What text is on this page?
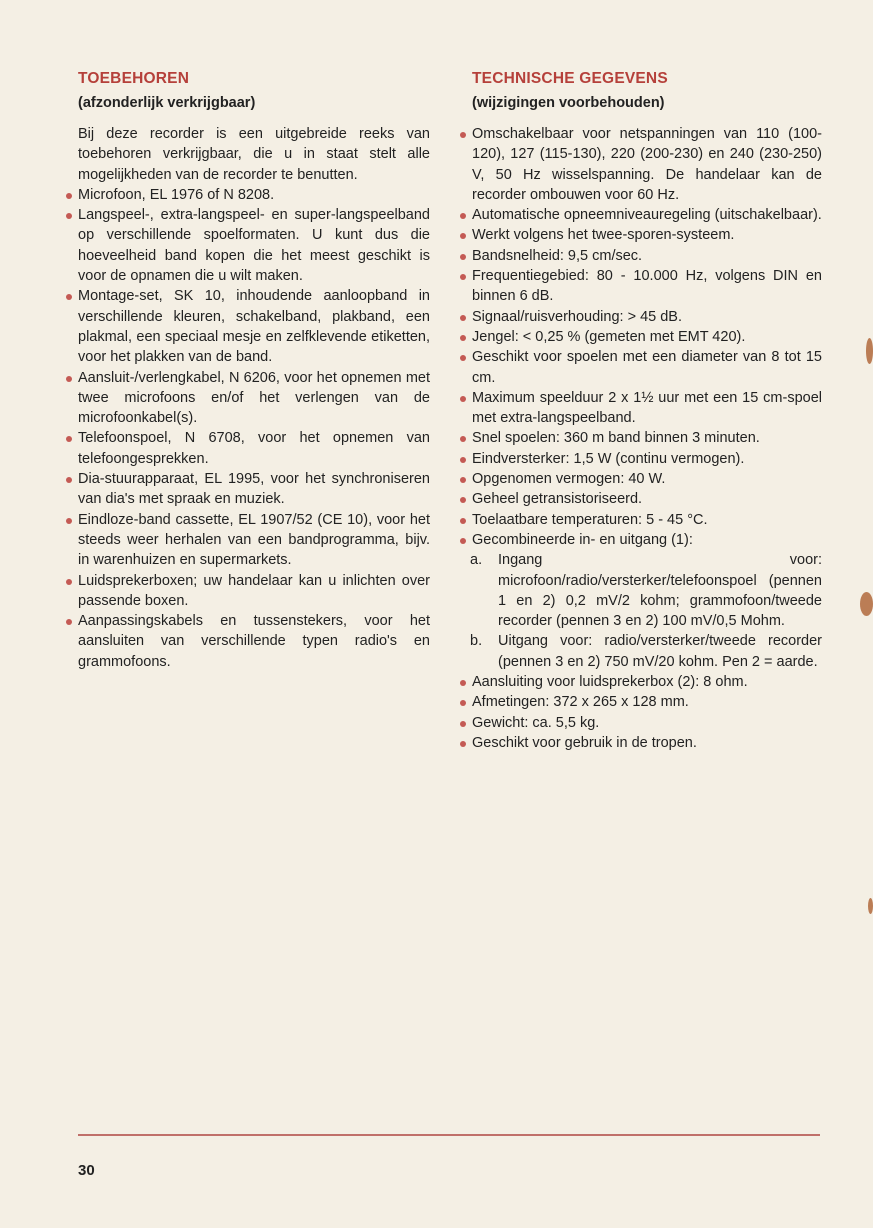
TOEBEHOREN
(afzonderlijk verkrijgbaar)

Bij deze recorder is een uitgebreide reeks van toebehoren verkrijgbaar, die u in staat stelt alle mogelijkheden van de recorder te benutten.

Microfoon, EL 1976 of N 8208.
Langspeel-, extra-langspeel- en super-langspeelband op verschillende spoelformaten. U kunt dus die hoeveelheid band kopen die het meest geschikt is voor de opnamen die u wilt maken.
Montage-set, SK 10, inhoudende aanloopband in verschillende kleuren, schakelband, plakband, een plakmal, een speciaal mesje en zelfklevende etiketten, voor het plakken van de band.
Aansluit-/verlengkabel, N 6206, voor het opnemen met twee microfoons en/of het verlengen van de microfoonkabel(s).
Telefoonspoel, N 6708, voor het opnemen van telefoongesprekken.
Dia-stuurapparaat, EL 1995, voor het synchroniseren van dia's met spraak en muziek.
Eindloze-band cassette, EL 1907/52 (CE 10), voor het steeds weer herhalen van een bandprogramma, bijv. in warenhuizen en supermarkets.
Luidsprekerboxen; uw handelaar kan u inlichten over passende boxen.
Aanpassingskabels en tussenstekers, voor het aansluiten van verschillende typen radio's en grammofoons.
TECHNISCHE GEGEVENS
(wijzigingen voorbehouden)
Omschakelbaar voor netspanningen van 110 (100-120), 127 (115-130), 220 (200-230) en 240 (230-250) V, 50 Hz wisselspanning. De handelaar kan de recorder ombouwen voor 60 Hz.
Automatische opneemniveauregeling (uitschakelbaar).
Werkt volgens het twee-sporen-systeem.
Bandsnelheid: 9,5 cm/sec.
Frequentiegebied: 80 - 10.000 Hz, volgens DIN en binnen 6 dB.
Signaal/ruisverhouding: > 45 dB.
Jengel: < 0,25 % (gemeten met EMT 420).
Geschikt voor spoelen met een diameter van 8 tot 15 cm.
Maximum speelduur 2 x 1½ uur met een 15 cm-spoel met extra-langspeelband.
Snel spoelen: 360 m band binnen 3 minuten.
Eindversterker: 1,5 W (continu vermogen).
Opgenomen vermogen: 40 W.
Geheel getransistoriseerd.
Toelaatbare temperaturen: 5 - 45 °C.
Gecombineerde in- en uitgang (1):
a. Ingang voor: microfoon/radio/versterker/telefoonspoel (pennen 1 en 2) 0,2 mV/2 kohm; grammofoon/tweede recorder (pennen 3 en 2) 100 mV/0,5 Mohm.
b. Uitgang voor: radio/versterker/tweede recorder (pennen 3 en 2) 750 mV/20 kohm. Pen 2 = aarde.
Aansluiting voor luidsprekerbox (2): 8 ohm.
Afmetingen: 372 x 265 x 128 mm.
Gewicht: ca. 5,5 kg.
Geschikt voor gebruik in de tropen.
30
